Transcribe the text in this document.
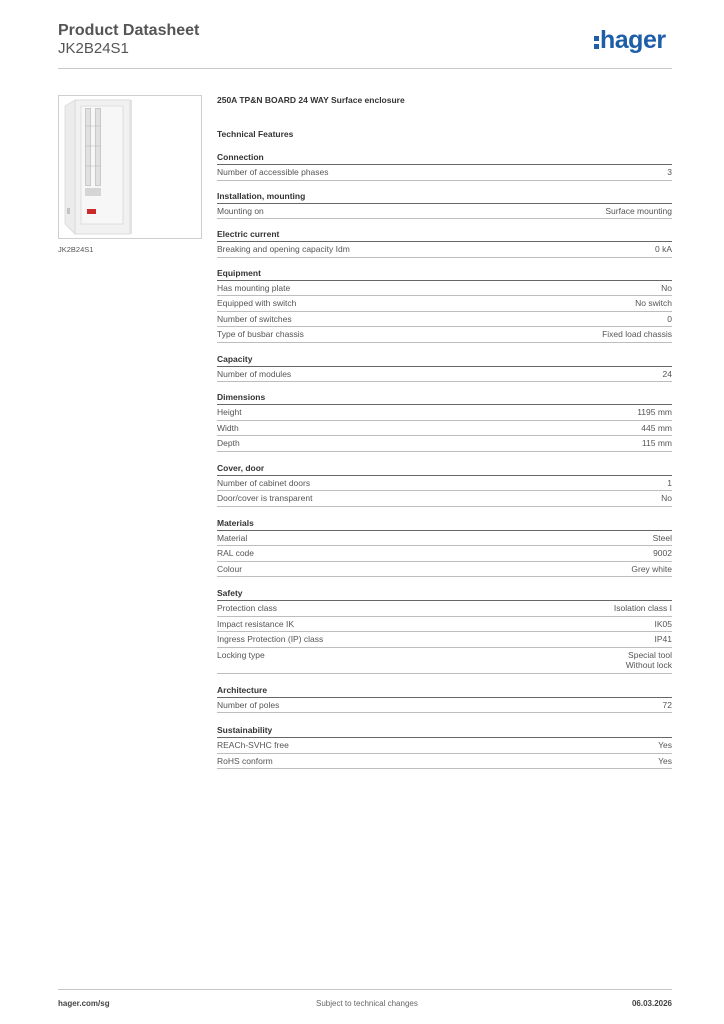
Product Datasheet
JK2B24S1	hager
JK2B24S1
250A TP&N BOARD 24 WAY Surface enclosure
Technical Features
Connection
Number of accessible phases	3
Installation, mounting
Mounting on	Surface mounting
Electric current
Breaking and opening capacity Idm	0 kA
Equipment
Has mounting plate	No
Equipped with switch	No switch
Number of switches	0
Type of busbar chassis	Fixed load chassis
Capacity
Number of modules	24
Dimensions
Height	1195 mm
Width	445 mm
Depth	115 mm
Cover, door
Number of cabinet doors	1
Door/cover is transparent	No
Materials
Material	Steel
RAL code	9002
Colour	Grey white
Safety
Protection class	Isolation class I
Impact resistance IK	IK05
Ingress Protection (IP) class	IP41
Locking type	Special tool
Without lock
Architecture
Number of poles	72
Sustainability
REACh-SVHC free	Yes
RoHS conform	Yes
hager.com/sg	Subject to technical changes	06.03.2026
